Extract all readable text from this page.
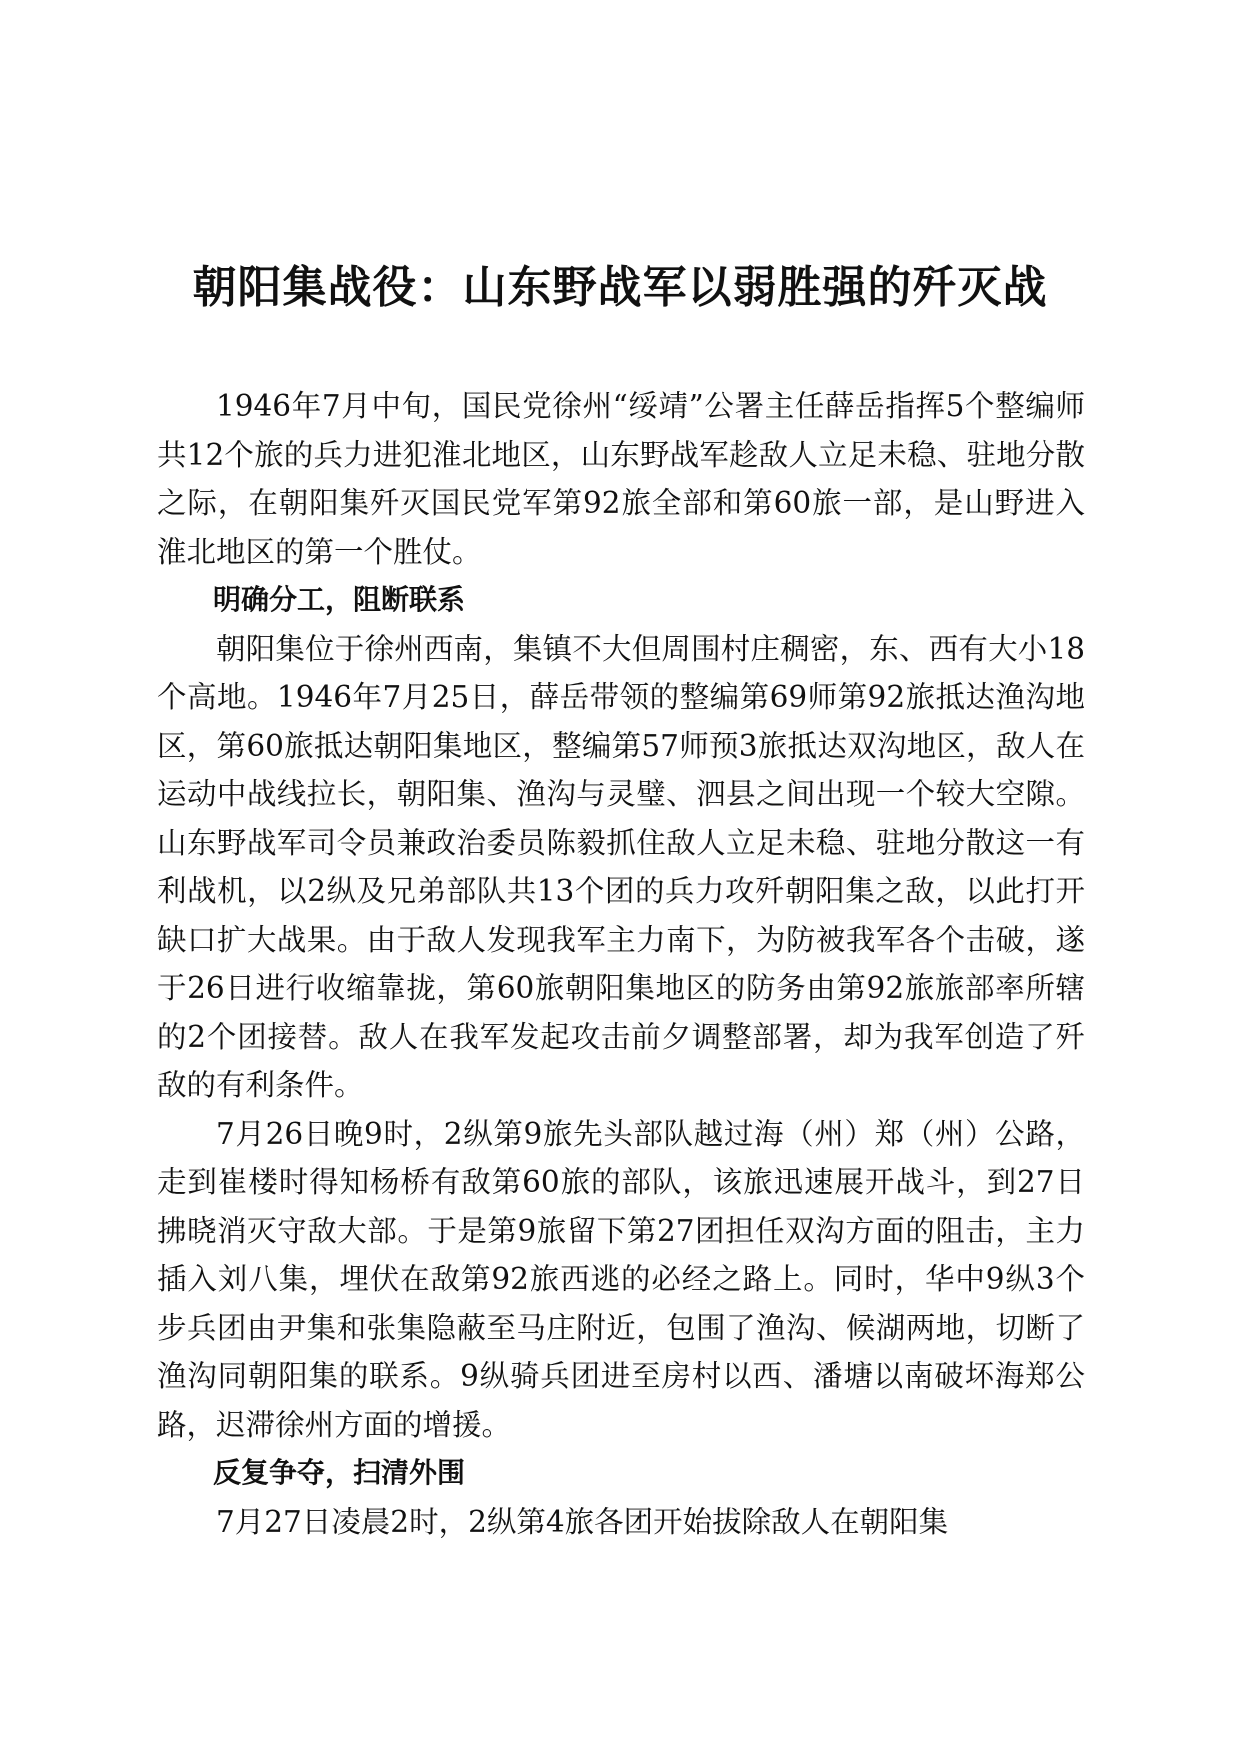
朝阳集战役：山东野战军以弱胜强的歼灭战

1946年7月中旬，国民党徐州“绥靖”公署主任薛岳指挥5个整编师共12个旅的兵力进犯淮北地区，山东野战军趁敌人立足未稳、驻地分散之际，在朝阳集歼灭国民党军第92旅全部和第60旅一部，是山野进入淮北地区的第一个胜仗。

明确分工，阻断联系

朝阳集位于徐州西南，集镇不大但周围村庄稠密，东、西有大小18个高地。1946年7月25日，薛岳带领的整编第69师第92旅抵达渔沟地区，第60旅抵达朝阳集地区，整编第57师预3旅抵达双沟地区，敌人在运动中战线拉长，朝阳集、渔沟与灵璧、泗县之间出现一个较大空隙。山东野战军司令员兼政治委员陈毅抓住敌人立足未稳、驻地分散这一有利战机，以2纵及兄弟部队共13个团的兵力攻歼朝阳集之敌，以此打开缺口扩大战果。由于敌人发现我军主力南下，为防被我军各个击破，遂于26日进行收缩靠拢，第60旅朝阳集地区的防务由第92旅旅部率所辖的2个团接替。敌人在我军发起攻击前夕调整部署，却为我军创造了歼敌的有利条件。

7月26日晚9时，2纵第9旅先头部队越过海（州）郑（州）公路，走到崔楼时得知杨桥有敌第60旅的部队，该旅迅速展开战斗，到27日拂晓消灭守敌大部。于是第9旅留下第27团担任双沟方面的阻击，主力插入刘八集，埋伏在敌第92旅西逃的必经之路上。同时，华中9纵3个步兵团由尹集和张集隐蔽至马庄附近，包围了渔沟、候湖两地，切断了渔沟同朝阳集的联系。9纵骑兵团进至房村以西、潘塘以南破坏海郑公路，迟滞徐州方面的增援。

反复争夺，扫清外围

7月27日凌晨2时，2纵第4旅各团开始拔除敌人在朝阳集
